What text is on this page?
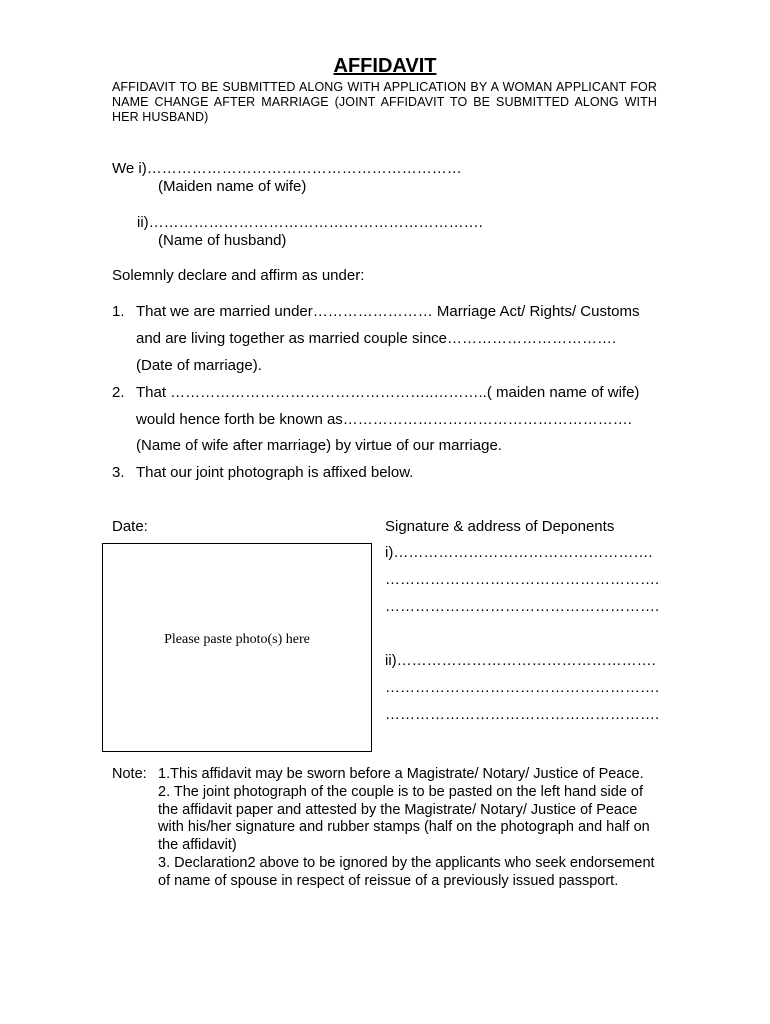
AFFIDAVIT
AFFIDAVIT TO BE SUBMITTED ALONG WITH APPLICATION BY A WOMAN APPLICANT FOR NAME CHANGE AFTER MARRIAGE (JOINT AFFIDAVIT TO BE SUBMITTED ALONG WITH HER HUSBAND)
We i)………………………………………………………
(Maiden name of wife)
ii)………………………………………………………….
(Name of husband)
Solemnly declare and affirm as under:
1. That we are married under…………………… Marriage Act/ Rights/ Customs
and are living together as married couple since…………………………….
(Date of marriage).
2. That ……………………………………………..………..( maiden name of wife)
would hence forth be known as………………………………………………….
(Name of wife after marriage) by virtue of our marriage.
3. That our joint photograph is affixed below.
Date:	Signature & address of Deponents
i)…………………………………………….
……………………………………………….
……………………………………………….
ii)…………………………………………….
……………………………………………….
……………………………………………….
Please paste photo(s) here
Note: 1.This affidavit may be sworn before a Magistrate/ Notary/ Justice of Peace.

2. The joint photograph of the couple is to be pasted on the left hand side of the affidavit paper and attested by the Magistrate/ Notary/ Justice of Peace with his/her signature and rubber stamps (half on the photograph and half on the affidavit)

3. Declaration2 above to be ignored by the applicants who seek endorsement of name of spouse in respect of reissue of a previously issued passport.
